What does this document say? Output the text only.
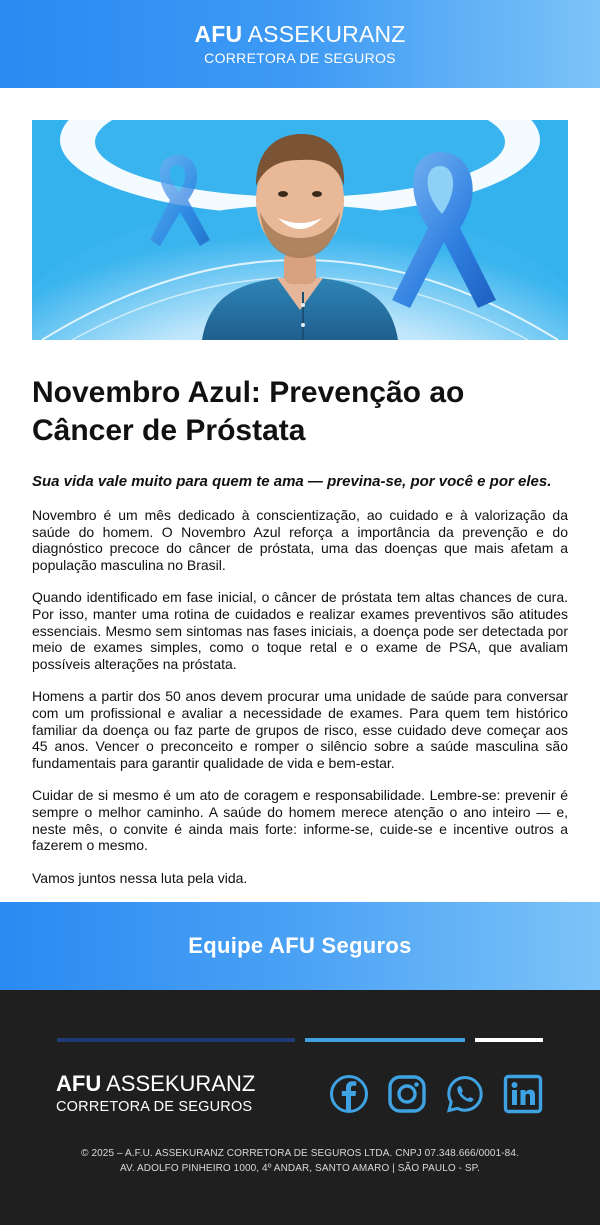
AFU ASSEKURANZ
CORRETORA DE SEGUROS
Novembro Azul: Prevenção ao Câncer de Próstata

Sua vida vale muito para quem te ama — previna-se, por você e por eles.

Novembro é um mês dedicado à conscientização, ao cuidado e à valorização da saúde do homem. O Novembro Azul reforça a importância da prevenção e do diagnóstico precoce do câncer de próstata, uma das doenças que mais afetam a população masculina no Brasil.

Quando identificado em fase inicial, o câncer de próstata tem altas chances de cura. Por isso, manter uma rotina de cuidados e realizar exames preventivos são atitudes essenciais. Mesmo sem sintomas nas fases iniciais, a doença pode ser detectada por meio de exames simples, como o toque retal e o exame de PSA, que avaliam possíveis alterações na próstata.

Homens a partir dos 50 anos devem procurar uma unidade de saúde para conversar com um profissional e avaliar a necessidade de exames. Para quem tem histórico familiar da doença ou faz parte de grupos de risco, esse cuidado deve começar aos 45 anos. Vencer o preconceito e romper o silêncio sobre a saúde masculina são fundamentais para garantir qualidade de vida e bem-estar.

Cuidar de si mesmo é um ato de coragem e responsabilidade. Lembre-se: prevenir é sempre o melhor caminho. A saúde do homem merece atenção o ano inteiro — e, neste mês, o convite é ainda mais forte: informe-se, cuide-se e incentive outros a fazerem o mesmo.

Vamos juntos nessa luta pela vida.

Equipe AFU Seguros
AFU ASSEKURANZ
CORRETORA DE SEGUROS
© 2025 – A.F.U. ASSEKURANZ CORRETORA DE SEGUROS LTDA. CNPJ 07.348.666/0001-84.
AV. ADOLFO PINHEIRO 1000, 4º ANDAR, SANTO AMARO | SÃO PAULO - SP.
